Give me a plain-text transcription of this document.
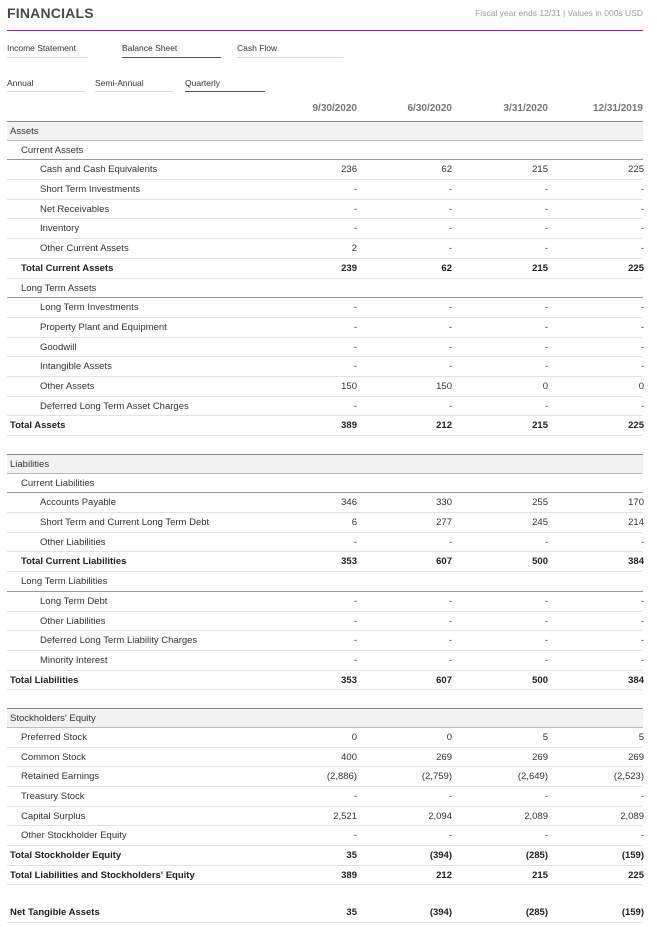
FINANCIALS	Fiscal year ends 12/31 | Values in 000s USD
Income Statement	Balance Sheet	Cash Flow
Annual	Semi-Annual	Quarterly
9/30/2020	6/30/2020	3/31/2020	12/31/2019
Assets
Current Assets
Cash and Cash Equivalents	236	62	215	225
Short Term Investments	-	-	-	-
Net Receivables	-	-	-	-
Inventory	-	-	-	-
Other Current Assets	2	-	-	-
Total Current Assets	239	62	215	225
Long Term Assets
Long Term Investments	-	-	-	-
Property Plant and Equipment	-	-	-	-
Goodwill	-	-	-	-
Intangible Assets	-	-	-	-
Other Assets	150	150	0	0
Deferred Long Term Asset Charges	-	-	-	-
Total Assets	389	212	215	225
Liabilities
Current Liabilities
Accounts Payable	346	330	255	170
Short Term and Current Long Term Debt	6	277	245	214
Other Liabilities	-	-	-	-
Total Current Liabilities	353	607	500	384
Long Term Liabilities
Long Term Debt	-	-	-	-
Other Liabilities	-	-	-	-
Deferred Long Term Liability Charges	-	-	-	-
Minority Interest	-	-	-	-
Total Liabilities	353	607	500	384
Stockholders' Equity
Preferred Stock	0	0	5	5
Common Stock	400	269	269	269
Retained Earnings	(2,886)	(2,759)	(2,649)	(2,523)
Treasury Stock	-	-	-	-
Capital Surplus	2,521	2,094	2,089	2,089
Other Stockholder Equity	-	-	-	-
Total Stockholder Equity	35	(394)	(285)	(159)
Total Liabilities and Stockholders' Equity	389	212	215	225
Net Tangible Assets	35	(394)	(285)	(159)
